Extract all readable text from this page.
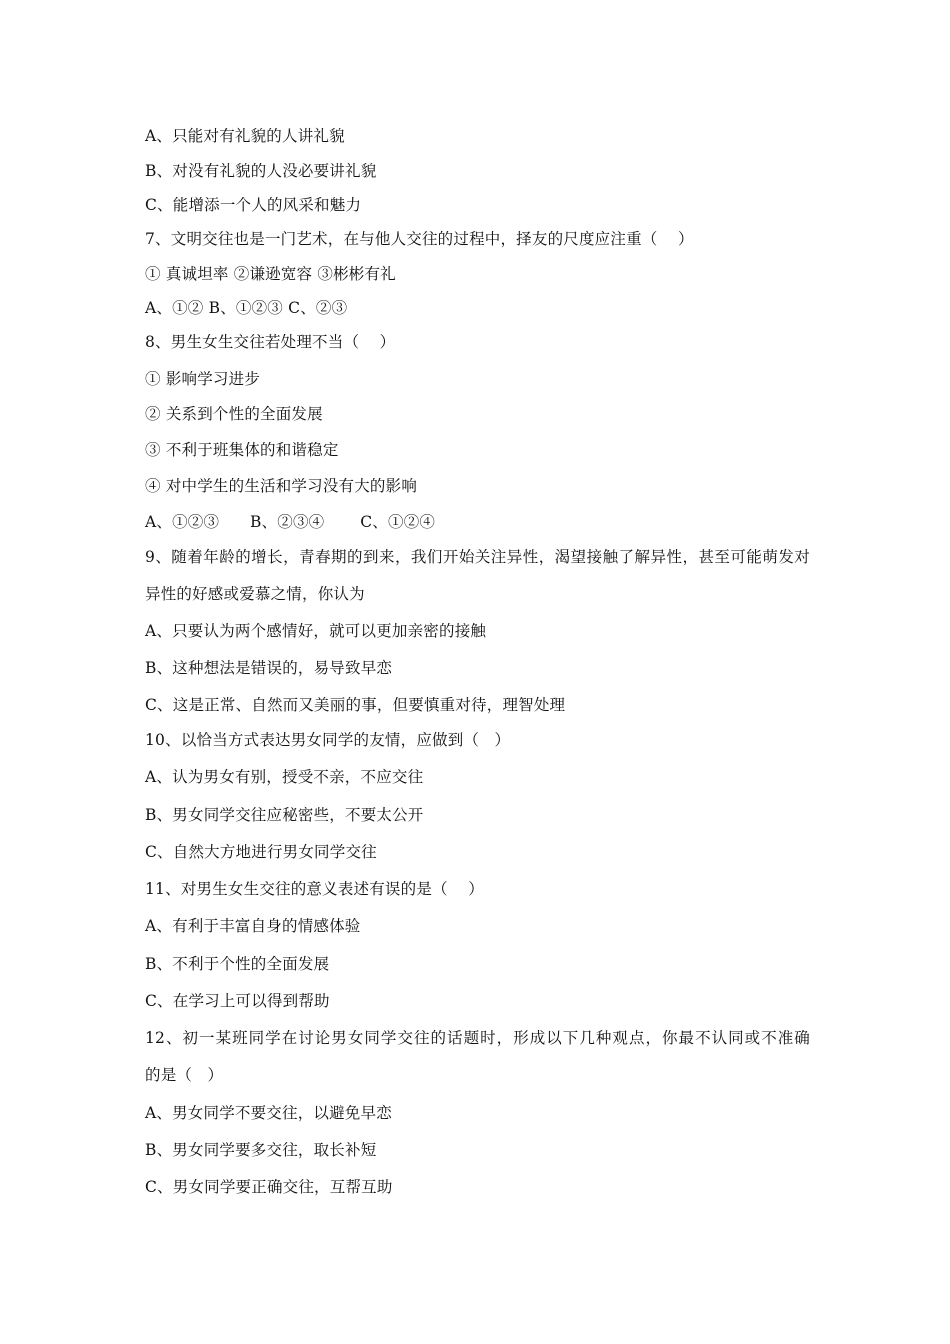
A、只能对有礼貌的人讲礼貌
B、对没有礼貌的人没必要讲礼貌
C、能增添一个人的风采和魅力
7、文明交往也是一门艺术，在与他人交往的过程中，择友的尺度应注重（    ）
① 真诚坦率 ②谦逊宽容 ③彬彬有礼
A、①② B、①②③ C、②③
8、男生女生交往若处理不当（    ）
① 影响学习进步
② 关系到个性的全面发展
③ 不利于班集体的和谐稳定
④ 对中学生的生活和学习没有大的影响
A、①②③      B、②③④       C、①②④
9、随着年龄的增长，青春期的到来，我们开始关注异性，渴望接触了解异性，甚至可能萌发对
异性的好感或爱慕之情，你认为
A、只要认为两个感情好，就可以更加亲密的接触
B、这种想法是错误的，易导致早恋
C、这是正常、自然而又美丽的事，但要慎重对待，理智处理
10、以恰当方式表达男女同学的友情，应做到（   ）
A、认为男女有别，授受不亲，不应交往
B、男女同学交往应秘密些，不要太公开
C、自然大方地进行男女同学交往
11、对男生女生交往的意义表述有误的是（    ）
A、有利于丰富自身的情感体验
B、不利于个性的全面发展
C、在学习上可以得到帮助
12、初一某班同学在讨论男女同学交往的话题时，形成以下几种观点，你最不认同或不准确
的是（   ）
A、男女同学不要交往，以避免早恋
B、男女同学要多交往，取长补短
C、男女同学要正确交往，互帮互助
